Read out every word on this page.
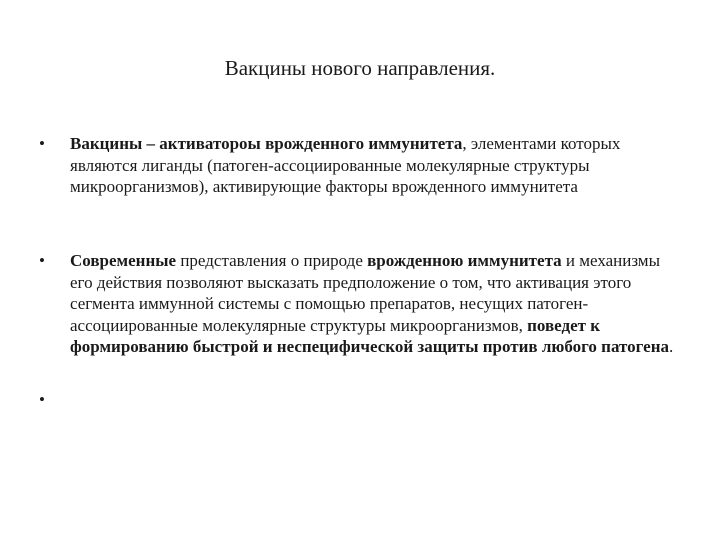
Вакцины нового направления.
• Вакцины – активатороы врожденного иммунитета, элементами которых являются лиганды (патоген-ассоциированные молекулярные структуры микроорганизмов), активирующие факторы врожденного иммунитета
• Современные представления о природе врожденною иммунитета и механизмы его действия позволяют высказать предположение о том, что активация этого сегмента иммунной системы с помощью препаратов, несущих патоген-ассоциированные молекулярные структуры микроорганизмов, поведет к формированию быстрой и неспецифической защиты против любого патогена.
•
